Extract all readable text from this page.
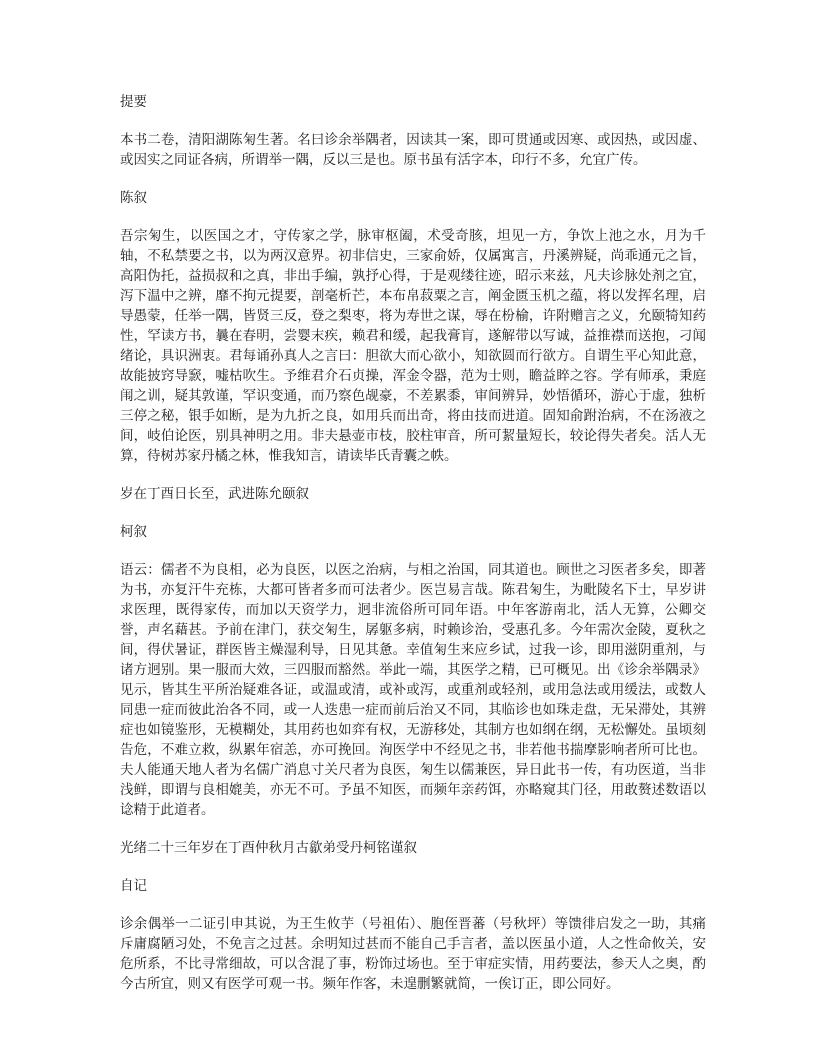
提要
本书二卷，清阳湖陈匊生著。名曰诊余举隅者，因读其一案，即可贯通或因寒、或因热，或因虚、或因实之同证各病，所谓举一隅，反以三是也。原书虽有活字本，印行不多，允宜广传。
陈叙
吾宗匊生，以医国之才，守传家之学，脉审枢阖，术受奇胲，坦见一方，争饮上池之水，月为千轴，不私禁要之书，以为两汉意界。初非信史，三家俞娇，仅属寓言，丹溪辨疑，尚乖通元之旨，高阳伪托，益损叔和之真，非出手编，孰抒心得，于是观缕往迹，昭示来兹，凡夫诊脉处剂之宜，泻下温中之辨，靡不拘元提要，剖毫析芒，本布帛菽粟之言，阐金匮玉机之蕴，将以发挥名理，启导愚蒙，任举一隅，皆贤三反，登之梨枣，将为寿世之谋，辱在枌榆，许附赠言之义，允颐犄知药性，罕读方书，曩在春明，尝婴末疾，赖君和缓，起我膏肓，遂解带以写诚，益推襟而送抱，刁闻绪论，具识洲衷。君每诵孙真人之言曰：胆欲大而心欲小，知欲圆而行欲方。自谓生平心知此意，故能披窍导窾，嘘枯吹生。予维君介石贞操，浑金令器，范为士则，瞻益睟之容。学有师承，秉庭闱之训，疑其敦谨，罕识变通，而乃察色觇豪，不差累黍，审间辨异，妙悟循环，游心于虚，独析三停之秘，银手如断，是为九折之良，如用兵而出奇，将由技而进道。固知俞跗治病，不在汤液之间，岐伯论医，别具神明之用。非夫悬壶市枝，胶柱审音，所可絜量短长，较论得失者矣。活人无算，待树苏家丹橘之林，惟我知言，请读毕氏青囊之帙。
岁在丁酉日长至，武进陈允颐叙
柯叙
语云：儒者不为良相，必为良医，以医之治病，与相之治国，同其道也。顾世之习医者多矣，即著为书，亦复汗牛充栋，大都可皆者多而可法者少。医岂易言哉。陈君匊生，为毗陵名下士，早岁讲求医理，既得家传，而加以天资学力，迥非流俗所可同年语。中年客游南北，活人无算，公卿交誉，声名藉甚。予前在津门，获交匊生，孱躯多病，时赖诊治，受惠孔多。今年需次金陵，夏秋之间，得伏暑证，群医皆主燥湿利导，日见其惫。幸值匊生来应乡试，过我一诊，即用滋阴重剂，与诸方迥别。果一服而大效，三四服而豁然。举此一端，其医学之精，已可概见。出《诊余举隅录》见示，皆其生平所治疑难各证，或温或清，或补或泻，或重剂或轻剂，或用急法或用缓法，或数人同患一症而彼此治各不同，或一人迭患一症而前后治又不同，其临诊也如珠走盘，无呆滞处，其辨症也如镜鉴形，无模糊处，其用药也如弈有权，无游移处，其制方也如纲在纲，无松懈处。虽顷刻告危，不难立救，纵累年宿恙，亦可挽回。洵医学中不经见之书，非若他书揣摩影响者所可比也。夫人能通天地人者为名儒广消息寸关尺者为良医，匊生以儒兼医，异日此书一传，有功医道，当非浅鲜，即谓与良相媲美，亦无不可。予虽不知医，而频年亲药饵，亦略窥其门径，用敢赘述数语以谂精于此道者。
光绪二十三年岁在丁酉仲秋月古歙弟受丹柯铭谨叙
自记
诊余偶举一二证引申其说，为王生攸芋（号祖佑）、胞侄晋蕃（号秋坪）等馈徘启发之一助，其痛斥庸腐陋习处，不免言之过甚。余明知过甚而不能自己手言者，盖以医虽小道，人之性命攸关，安危所系，不比寻常细故，可以含混了事，粉饰过场也。至于审症实情，用药要法，参天人之奥，酌今古所宜，则又有医学可观一书。频年作客，未遑删繁就简，一俟订正，即公同好。
